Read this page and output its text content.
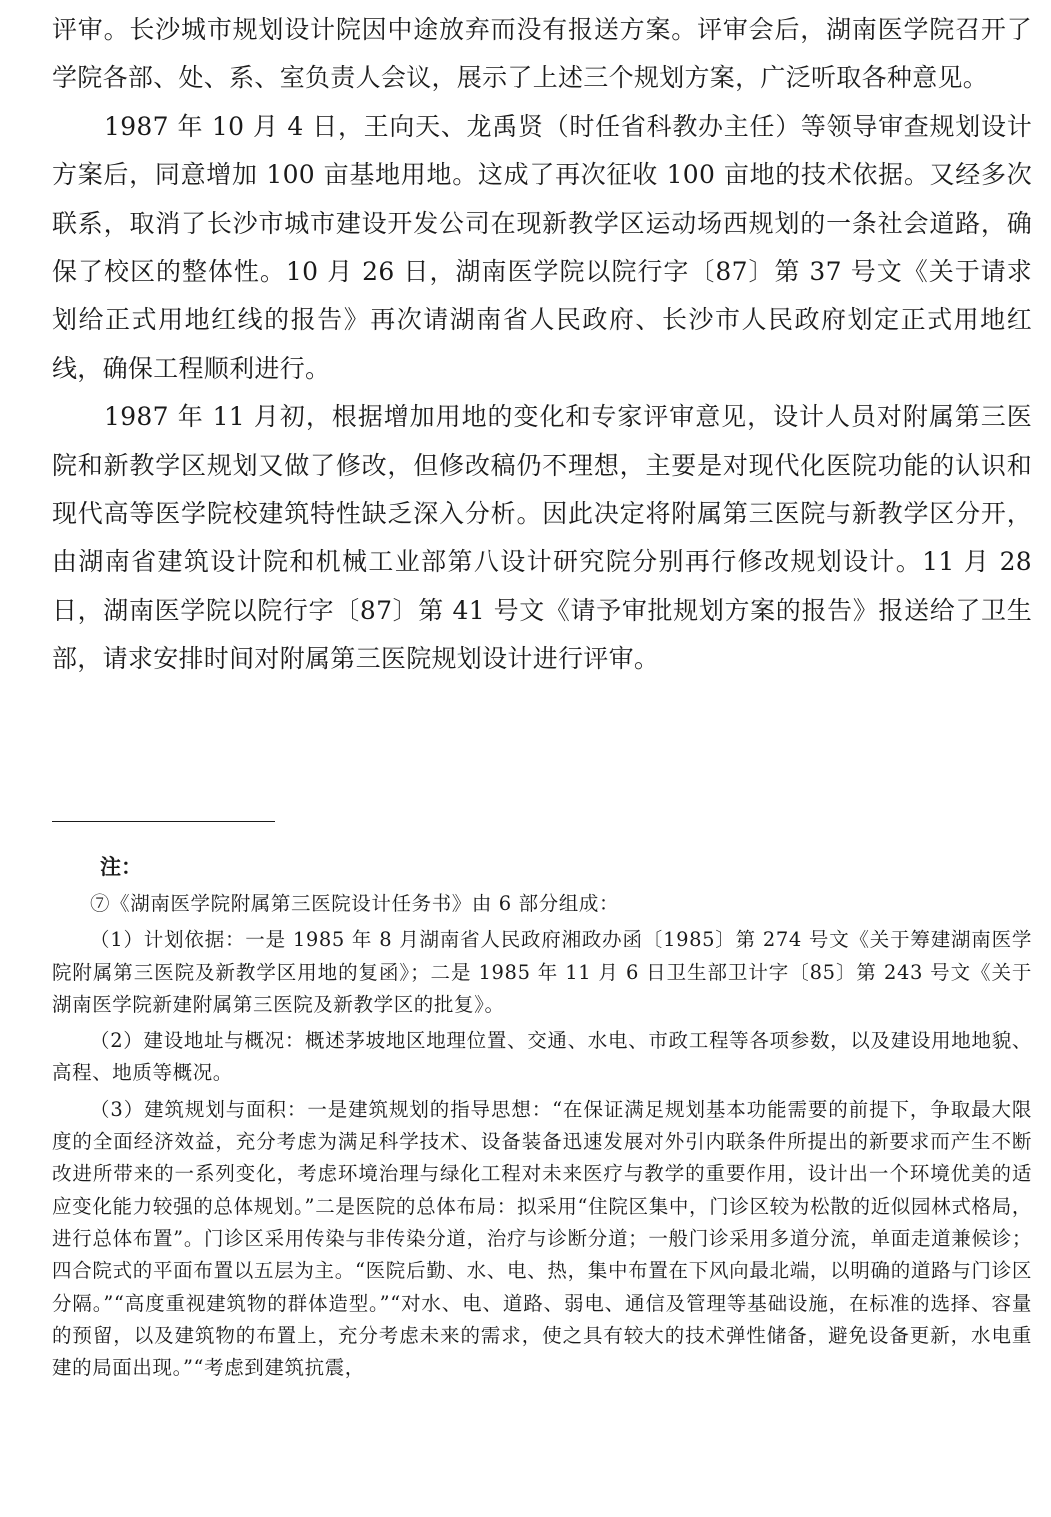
评审。长沙城市规划设计院因中途放弃而没有报送方案。评审会后，湖南医学院召开了学院各部、处、系、室负责人会议，展示了上述三个规划方案，广泛听取各种意见。

1987 年 10 月 4 日，王向天、龙禹贤（时任省科教办主任）等领导审查规划设计方案后，同意增加 100 亩基地用地。这成了再次征收 100 亩地的技术依据。又经多次联系，取消了长沙市城市建设开发公司在现新教学区运动场西规划的一条社会道路，确保了校区的整体性。10 月 26 日，湖南医学院以院行字〔87〕第 37 号文《关于请求划给正式用地红线的报告》再次请湖南省人民政府、长沙市人民政府划定正式用地红线，确保工程顺利进行。

1987 年 11 月初，根据增加用地的变化和专家评审意见，设计人员对附属第三医院和新教学区规划又做了修改，但修改稿仍不理想，主要是对现代化医院功能的认识和现代高等医学院校建筑特性缺乏深入分析。因此决定将附属第三医院与新教学区分开，由湖南省建筑设计院和机械工业部第八设计研究院分别再行修改规划设计。11 月 28 日，湖南医学院以院行字〔87〕第 41 号文《请予审批规划方案的报告》报送给了卫生部，请求安排时间对附属第三医院规划设计进行评审。

注：

⑦《湖南医学院附属第三医院设计任务书》由 6 部分组成：

（1）计划依据：一是 1985 年 8 月湖南省人民政府湘政办函〔1985〕第 274 号文《关于筹建湖南医学院附属第三医院及新教学区用地的复函》；二是 1985 年 11 月 6 日卫生部卫计字〔85〕第 243 号文《关于湖南医学院新建附属第三医院及新教学区的批复》。

（2）建设地址与概况：概述茅坡地区地理位置、交通、水电、市政工程等各项参数，以及建设用地地貌、高程、地质等概况。

（3）建筑规划与面积：一是建筑规划的指导思想：“在保证满足规划基本功能需要的前提下，争取最大限度的全面经济效益，充分考虑为满足科学技术、设备装备迅速发展对外引内联条件所提出的新要求而产生不断改进所带来的一系列变化，考虑环境治理与绿化工程对未来医疗与教学的重要作用，设计出一个环境优美的适应变化能力较强的总体规划。”二是医院的总体布局：拟采用“住院区集中，门诊区较为松散的近似园林式格局，进行总体布置”。门诊区采用传染与非传染分道，治疗与诊断分道；一般门诊采用多道分流，单面走道兼候诊；四合院式的平面布置以五层为主。“医院后勤、水、电、热，集中布置在下风向最北端，以明确的道路与门诊区分隔。”“高度重视建筑物的群体造型。”“对水、电、道路、弱电、通信及管理等基础设施，在标准的选择、容量的预留，以及建筑物的布置上，充分考虑未来的需求，使之具有较大的技术弹性储备，避免设备更新，水电重建的局面出现。”“考虑到建筑抗震，
